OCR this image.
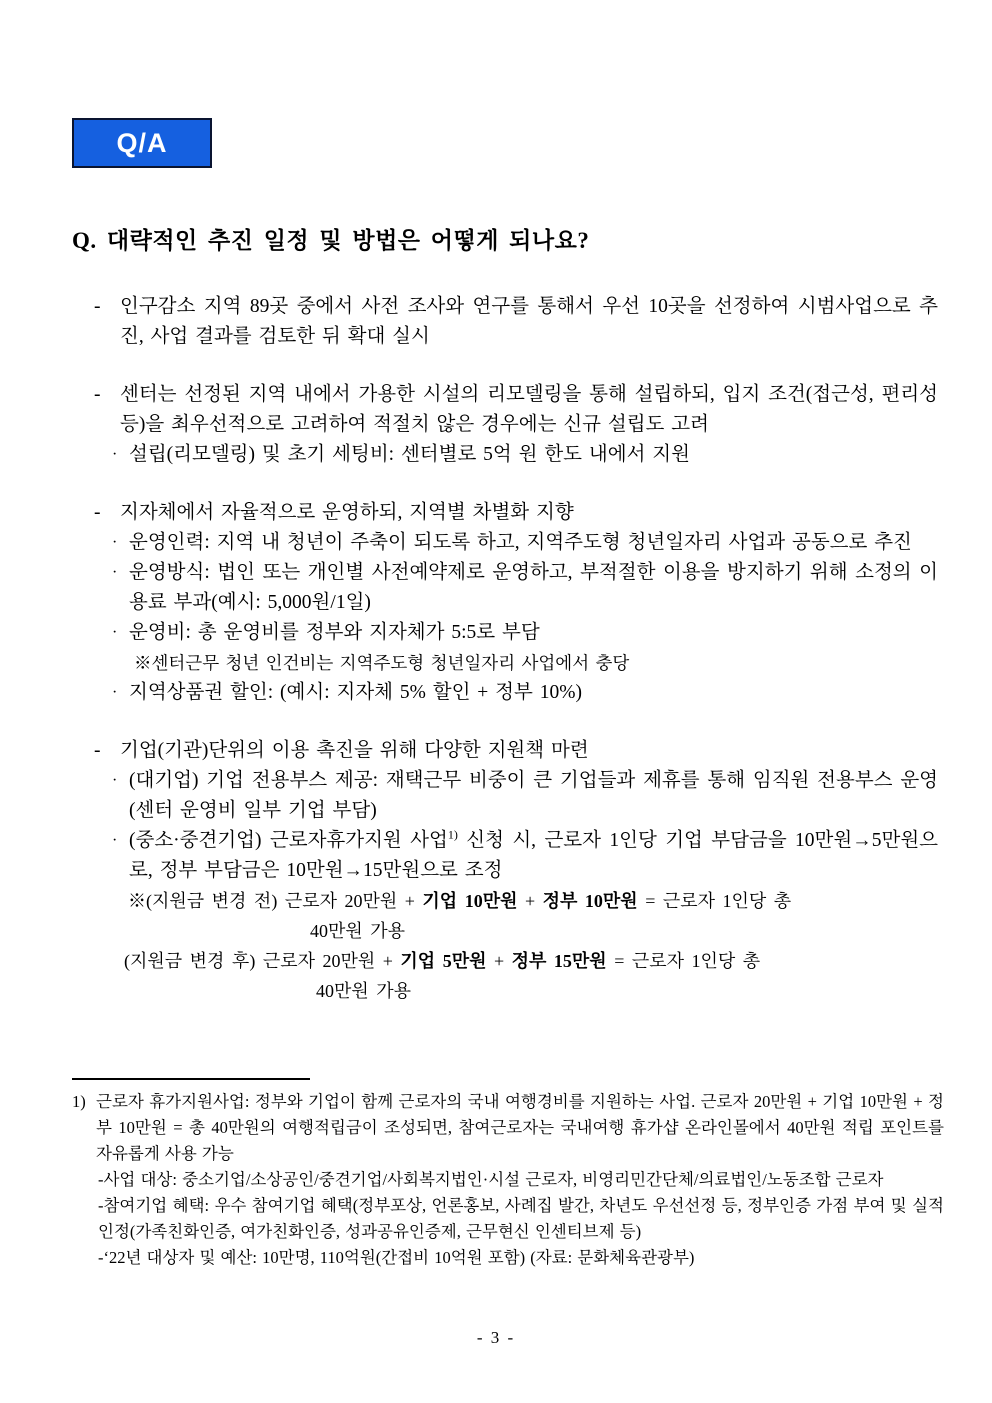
Q/A
Q. 대략적인 추진 일정 및 방법은 어떻게 되나요?
-	인구감소 지역 89곳 중에서 사전 조사와 연구를 통해서 우선 10곳을 선정하여 시범사업으로 추진, 사업 결과를 검토한 뒤 확대 실시
-	센터는 선정된 지역 내에서 가용한 시설의 리모델링을 통해 설립하되, 입지 조건(접근성, 편리성 등)을 최우선적으로 고려하여 적절치 않은 경우에는 신규 설립도 고려
· 설립(리모델링) 및 초기 세팅비: 센터별로 5억 원 한도 내에서 지원
-	지자체에서 자율적으로 운영하되, 지역별 차별화 지향
· 운영인력: 지역 내 청년이 주축이 되도록 하고, 지역주도형 청년일자리 사업과 공동으로 추진
· 운영방식: 법인 또는 개인별 사전예약제로 운영하고, 부적절한 이용을 방지하기 위해 소정의 이용료 부과(예시: 5,000원/1일)
· 운영비: 총 운영비를 정부와 지자체가 5:5로 부담
※센터근무 청년 인건비는 지역주도형 청년일자리 사업에서 충당
· 지역상품권 할인: (예시: 지자체 5% 할인 + 정부 10%)
-	기업(기관)단위의 이용 촉진을 위해 다양한 지원책 마련
· (대기업) 기업 전용부스 제공: 재택근무 비중이 큰 기업들과 제휴를 통해 임직원 전용부스 운영(센터 운영비 일부 기업 부담)
· (중소·중견기업) 근로자휴가지원 사업$^{1)}$ 신청 시, 근로자 1인당 기업 부담금을 10만원→5만원으로, 정부 부담금은 10만원→15만원으로 조정
※(지원금 변경 전) 근로자 20만원 + 기업 10만원 + 정부 10만원 = 근로자 1인당 총
40만원 가용
(지원금 변경 후) 근로자 20만원 + 기업 5만원 + 정부 15만원 = 근로자 1인당 총
40만원 가용
1) 근로자 휴가지원사업: 정부와 기업이 함께 근로자의 국내 여행경비를 지원하는 사업. 근로자 20만원 + 기업 10만원 + 정부 10만원 = 총 40만원의 여행적립금이 조성되면, 참여근로자는 국내여행 휴가샵 온라인몰에서 40만원 적립 포인트를 자유롭게 사용 가능
-사업 대상: 중소기업/소상공인/중견기업/사회복지법인·시설 근로자, 비영리민간단체/의료법인/노동조합 근로자
-참여기업 혜택: 우수 참여기업 혜택(정부포상, 언론홍보, 사례집 발간, 차년도 우선선정 등, 정부인증 가점 부여 및 실적 인정(가족친화인증, 여가친화인증, 성과공유인증제, 근무현신 인센티브제 등)
-‘22년 대상자 및 예산: 10만명, 110억원(간접비 10억원 포함) (자료: 문화체육관광부)
- 3 -
